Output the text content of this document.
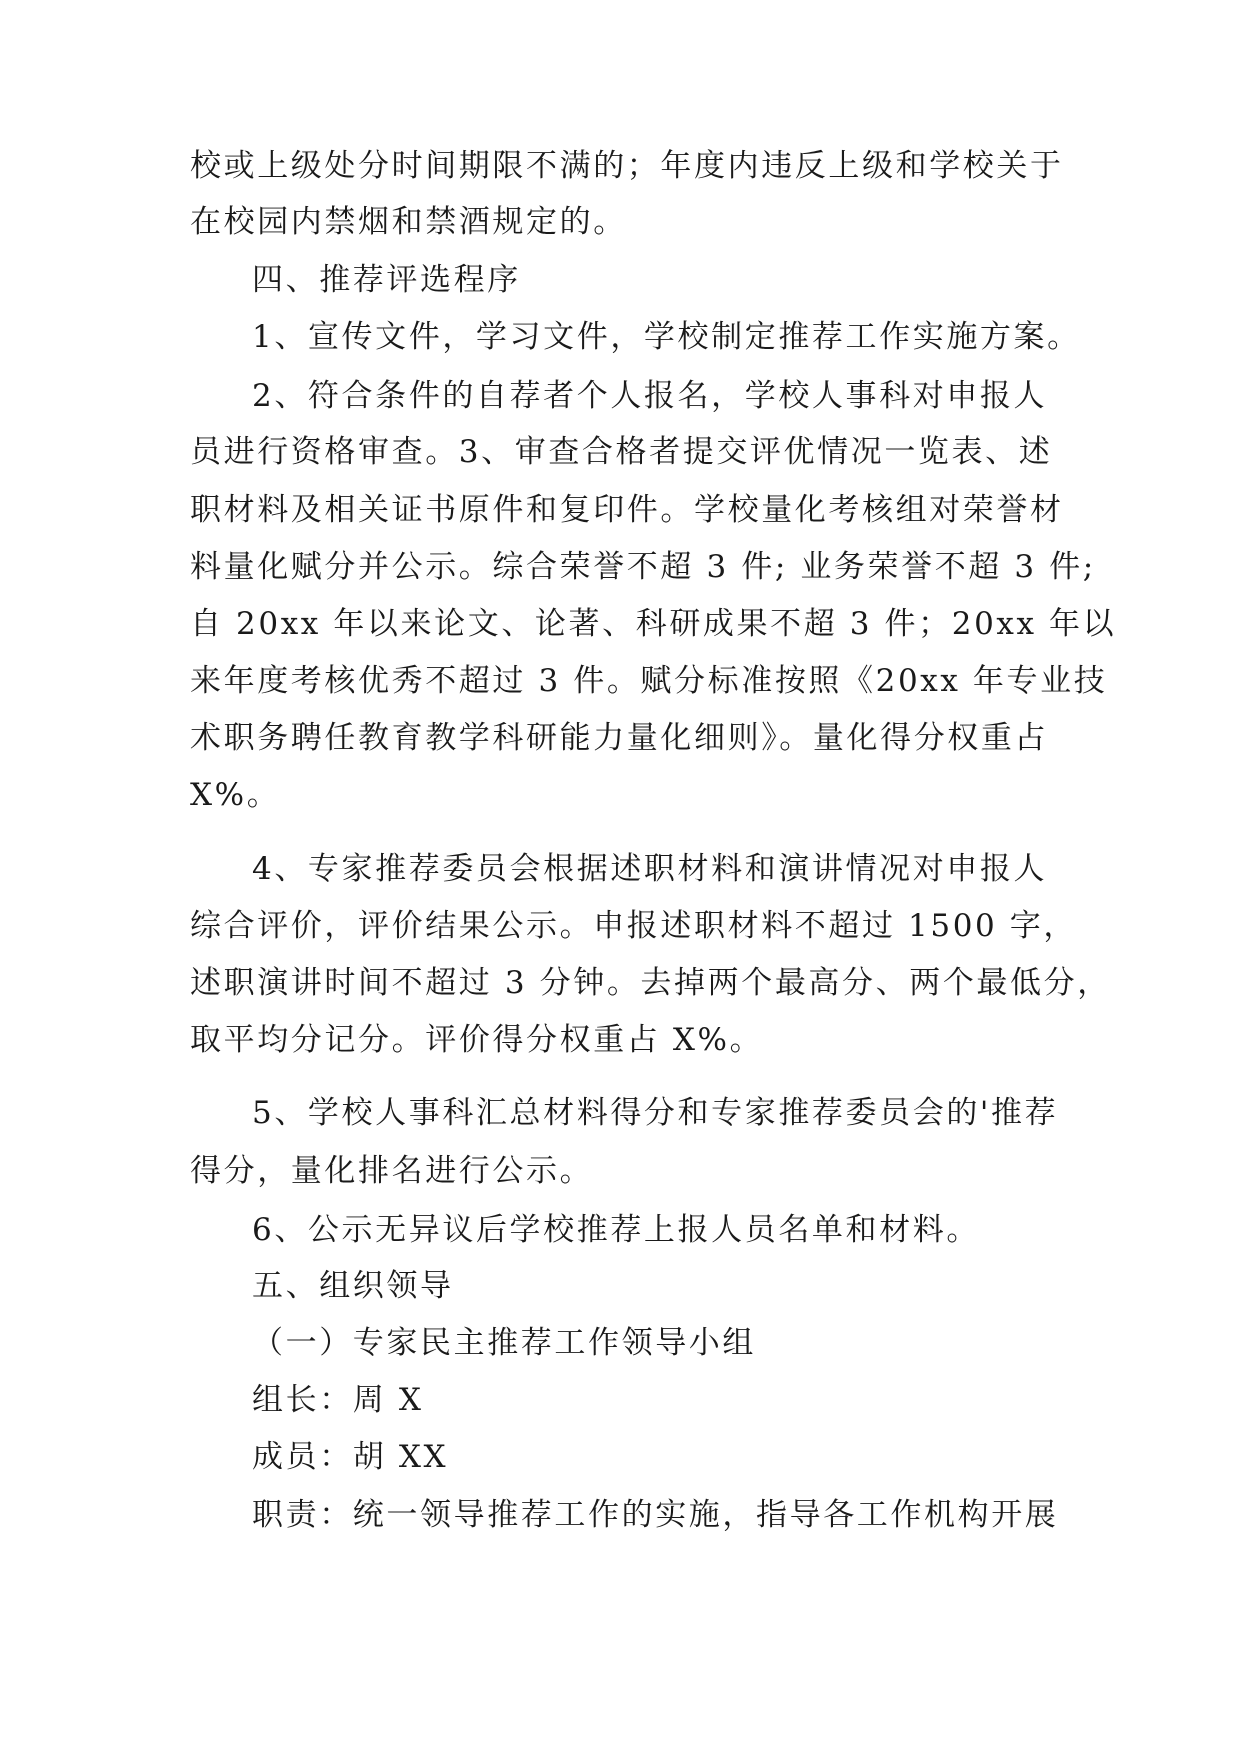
校或上级处分时间期限不满的；年度内违反上级和学校关于
在校园内禁烟和禁酒规定的。
四、推荐评选程序
1、宣传文件，学习文件，学校制定推荐工作实施方案。
2、符合条件的自荐者个人报名，学校人事科对申报人
员进行资格审查。3、审查合格者提交评优情况一览表、述
职材料及相关证书原件和复印件。学校量化考核组对荣誉材
料量化赋分并公示。综合荣誉不超 3 件; 业务荣誉不超 3 件;
自 20xx 年以来论文、论著、科研成果不超 3 件；20xx 年以
来年度考核优秀不超过 3 件。赋分标准按照《20xx 年专业技
术职务聘任教育教学科研能力量化细则》。量化得分权重占
X%。
4、专家推荐委员会根据述职材料和演讲情况对申报人
综合评价，评价结果公示。申报述职材料不超过 1500 字，
述职演讲时间不超过 3 分钟。去掉两个最高分、两个最低分，
取平均分记分。评价得分权重占 X%。
5、学校人事科汇总材料得分和专家推荐委员会的'推荐
得分，量化排名进行公示。
6、公示无异议后学校推荐上报人员名单和材料。
五、组织领导
（一）专家民主推荐工作领导小组
组长：周 X
成员：胡 XX
职责：统一领导推荐工作的实施，指导各工作机构开展
